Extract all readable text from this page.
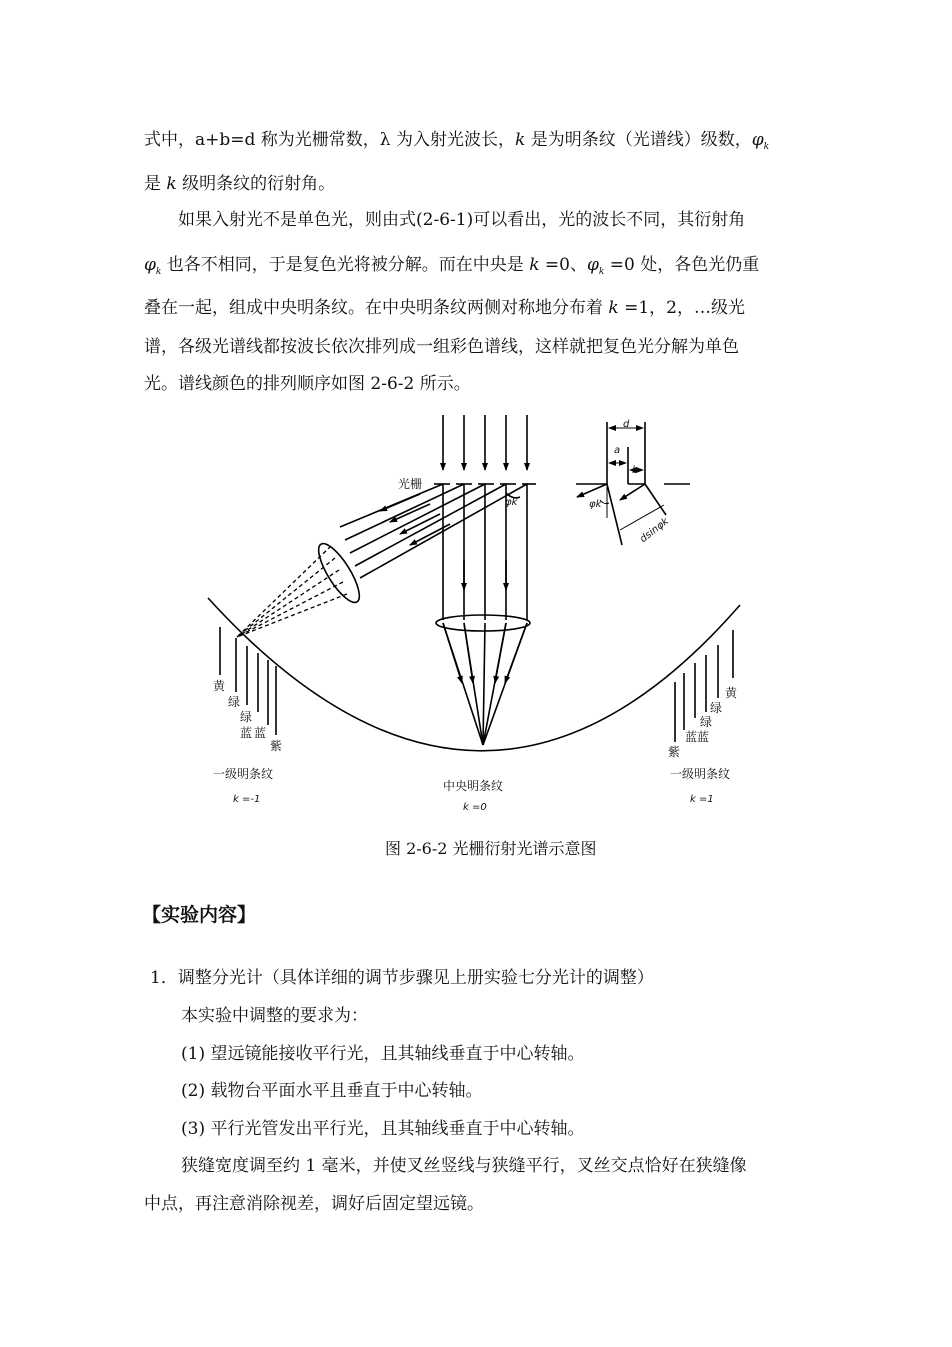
式中，a+b=d 称为光栅常数，λ 为入射光波长，k 是为明条纹（光谱线）级数，$\varphi_k$
是 k 级明条纹的衍射角。
如果入射光不是单色光，则由式(2-6-1)可以看出，光的波长不同，其衍射角
$\varphi_k$ 也各不相同，于是复色光将被分解。而在中央是 k =0、$\varphi_k =0$ 处，各色光仍重
叠在一起，组成中央明条纹。在中央明条纹两侧对称地分布着 k =1，2，…级光
谱，各级光谱线都按波长依次排列成一组彩色谱线，这样就把复色光分解为单色
光。谱线颜色的排列顺序如图 2-6-2 所示。
光栅
φk
d
a
b
φk
dsinφk
黄
绿
绿
蓝 蓝
紫
黄
绿
绿
蓝 蓝
紫
一级明条纹
k =-1
中央明条纹
k =0
一级明条纹
k =1
图 2-6-2 光栅衍射光谱示意图
【实验内容】
1．调整分光计（具体详细的调节步骤见上册实验七分光计的调整）
本实验中调整的要求为：
(1) 望远镜能接收平行光，且其轴线垂直于中心转轴。
(2) 载物台平面水平且垂直于中心转轴。
(3) 平行光管发出平行光，且其轴线垂直于中心转轴。
狭缝宽度调至约 1 毫米，并使叉丝竖线与狭缝平行，叉丝交点恰好在狭缝像
中点，再注意消除视差，调好后固定望远镜。
